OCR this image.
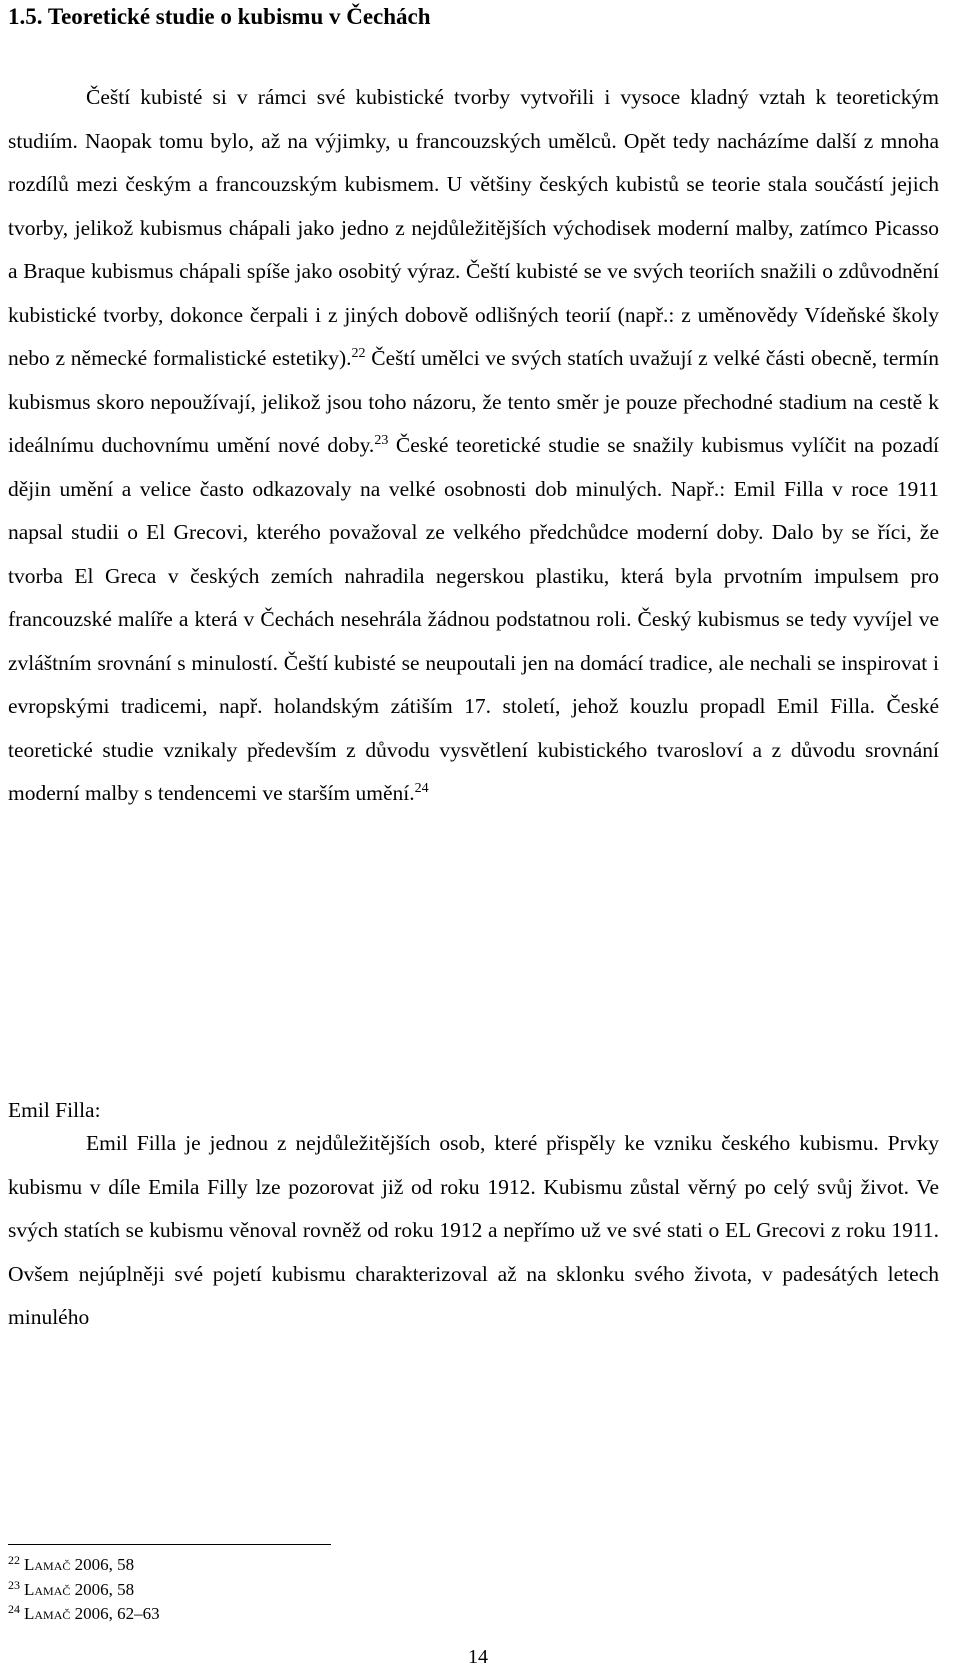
1.5. Teoretické studie o kubismu v Čechách

Čeští kubisté si v rámci své kubistické tvorby vytvořili i vysoce kladný vztah k teoretickým studiím. Naopak tomu bylo, až na výjimky, u francouzských umělců. Opět tedy nacházíme další z mnoha rozdílů mezi českým a francouzským kubismem. U většiny českých kubistů se teorie stala součástí jejich tvorby, jelikož kubismus chápali jako jedno z nejdůležitějších východisek moderní malby, zatímco Picasso a Braque kubismus chápali spíše jako osobitý výraz. Čeští kubisté se ve svých teoriích snažili o zdůvodnění kubistické tvorby, dokonce čerpali i z jiných dobově odlišných teorií (např.: z uměnovědy Vídeňské školy nebo z německé formalistické estetiky).$^{22}$ Čeští umělci ve svých statích uvažují z velké části obecně, termín kubismus skoro nepoužívají, jelikož jsou toho názoru, že tento směr je pouze přechodné stadium na cestě k ideálnímu duchovnímu umění nové doby.$^{23}$ České teoretické studie se snažily kubismus vylíčit na pozadí dějin umění a velice často odkazovaly na velké osobnosti dob minulých. Např.: Emil Filla v roce 1911 napsal studii o El Grecovi, kterého považoval ze velkého předchůdce moderní doby. Dalo by se říci, že tvorba El Greca v českých zemích nahradila negerskou plastiku, která byla prvotním impulsem pro francouzské malíře a která v Čechách nesehrála žádnou podstatnou roli. Český kubismus se tedy vyvíjel ve zvláštním srovnání s minulostí. Čeští kubisté se neupoutali jen na domácí tradice, ale nechali se inspirovat i evropskými tradicemi, např. holandským zátiším 17. století, jehož kouzlu propadl Emil Filla. České teoretické studie vznikaly především z důvodu vysvětlení kubistického tvarosloví a z důvodu srovnání moderní malby s tendencemi ve starším umění.$^{24}$

Emil Filla:

Emil Filla je jednou z nejdůležitějších osob, které přispěly ke vzniku českého kubismu. Prvky kubismu v díle Emila Filly lze pozorovat již od roku 1912. Kubismu zůstal věrný po celý svůj život. Ve svých statích se kubismu věnoval rovněž od roku 1912 a nepřímo už ve své stati o EL Grecovi z roku 1911. Ovšem nejúplněji své pojetí kubismu charakterizoval až na sklonku svého života, v padesátých letech minulého

$^{22}$ Lamač 2006, 58
$^{23}$ Lamač 2006, 58
$^{24}$ Lamač 2006, 62–63
14
